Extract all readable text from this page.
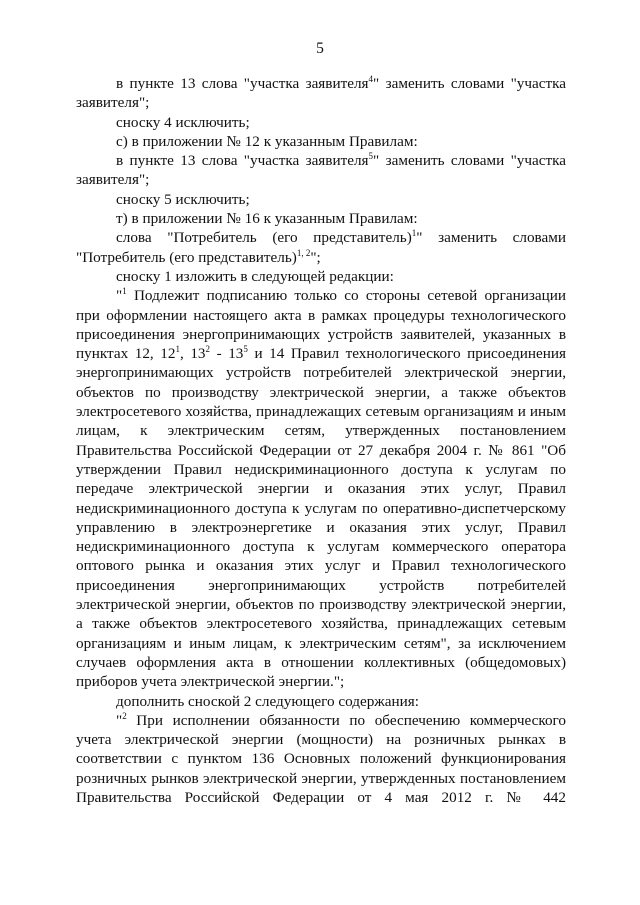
5

в пункте 13 слова "участка заявителя$^4$" заменить словами "участка заявителя";

сноску 4 исключить;

с) в приложении № 12 к указанным Правилам:

в пункте 13 слова "участка заявителя$^5$" заменить словами "участка заявителя";

сноску 5 исключить;

т) в приложении № 16 к указанным Правилам:

слова "Потребитель (его представитель)$^1$" заменить словами "Потребитель (его представитель)$^{1, 2}$";

сноску 1 изложить в следующей редакции:

"$^1$ Подлежит подписанию только со стороны сетевой организации при оформлении настоящего акта в рамках процедуры технологического присоединения энергопринимающих устройств заявителей, указанных в пунктах 12, $12^1$, $13^2 - 13^5$ и 14 Правил технологического присоединения энергопринимающих устройств потребителей электрической энергии, объектов по производству электрической энергии, а также объектов электросетевого хозяйства, принадлежащих сетевым организациям и иным лицам, к электрическим сетям, утвержденных постановлением Правительства Российской Федерации от 27 декабря 2004 г. № 861 "Об утверждении Правил недискриминационного доступа к услугам по передаче электрической энергии и оказания этих услуг, Правил недискриминационного доступа к услугам по оперативно-диспетчерскому управлению в электроэнергетике и оказания этих услуг, Правил недискриминационного доступа к услугам коммерческого оператора оптового рынка и оказания этих услуг и Правил технологического присоединения энергопринимающих устройств потребителей электрической энергии, объектов по производству электрической энергии, а также объектов электросетевого хозяйства, принадлежащих сетевым организациям и иным лицам, к электрическим сетям", за исключением случаев оформления акта в отношении коллективных (общедомовых) приборов учета электрической энергии.";

дополнить сноской 2 следующего содержания:

"$^2$ При исполнении обязанности по обеспечению коммерческого учета электрической энергии (мощности) на розничных рынках в соответствии с пунктом 136 Основных положений функционирования розничных рынков электрической энергии, утвержденных постановлением Правительства Российской Федерации от 4 мая 2012 г. № 442
